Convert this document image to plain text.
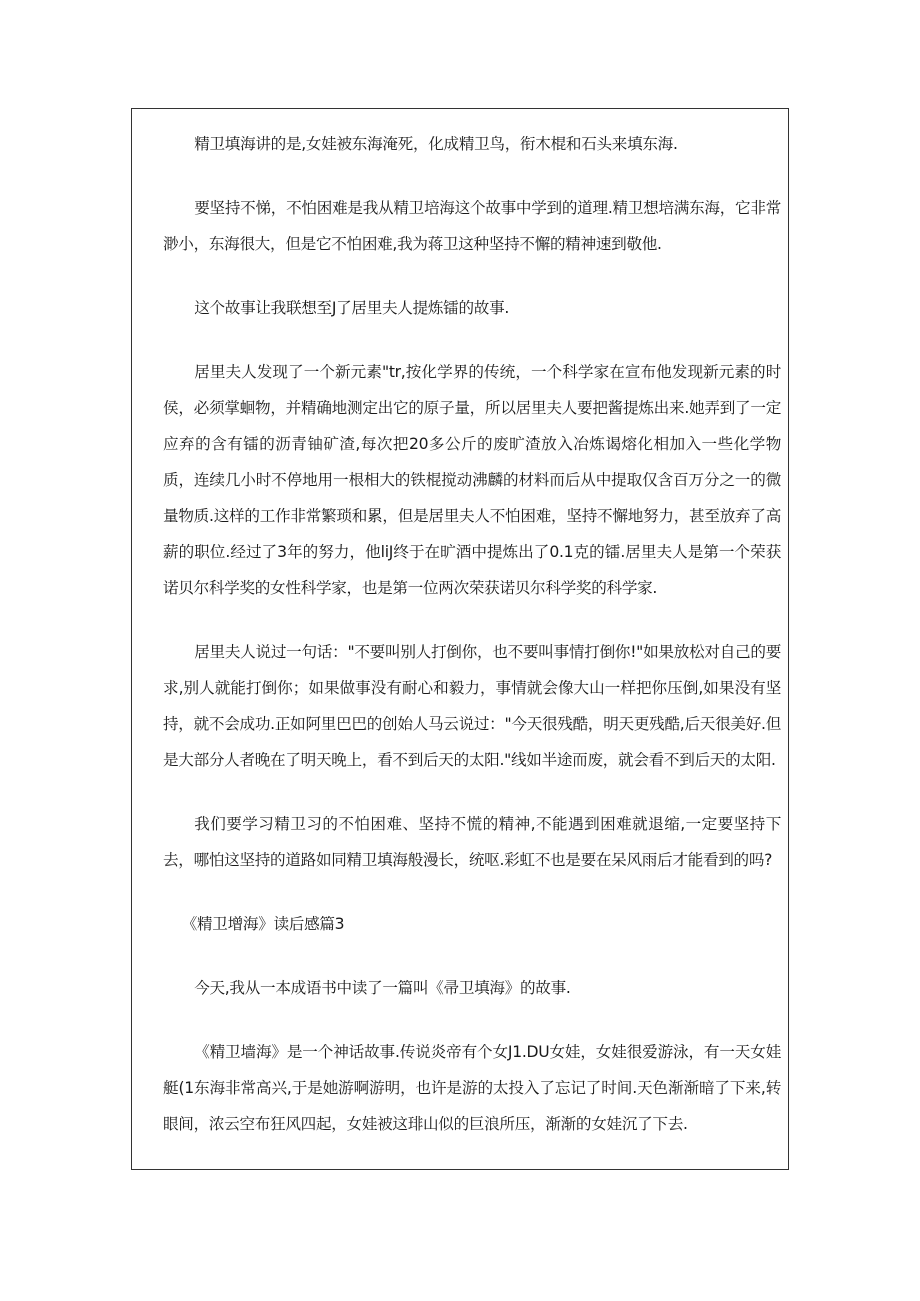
精卫填海讲的是,女娃被东海淹死，化成精卫鸟，衔木棍和石头来填东海.

要坚持不悌，不怕困难是我从精卫培海这个故事中学到的道理.精卫想培满东海，它非常渺小，东海很大，但是它不怕困难,我为蒋卫这种坚持不懈的精神速到敬他.

这个故事让我联想至J了居里夫人提炼镭的故事.

居里夫人发现了一个新元素"tr,按化学界的传统，一个科学家在宣布他发现新元素的时侯，必须掌蛔物，并精确地测定出它的原子量，所以居里夫人要把酱提炼出来.她弄到了一定应弃的含有镭的沥青铀矿渣,每次把20多公斤的废旷渣放入冶炼谒熔化相加入一些化学物质，连续几小时不停地用一根相大的铁棍搅动沸麟的材料而后从中提取仅含百万分之一的微量物质.这样的工作非常繁琐和累，但是居里夫人不怕困难，坚持不懈地努力，甚至放弃了高薪的职位.经过了3年的努力，他liJ终于在旷酒中提炼出了0.1克的镭.居里夫人是第一个荣获诺贝尔科学奖的女性科学家，也是第一位两次荣获诺贝尔科学奖的科学家.

居里夫人说过一句话："不要叫别人打倒你，也不要叫事情打倒你!"如果放松对自己的要求,别人就能打倒你；如果做事没有耐心和毅力，事情就会像大山一样把你压倒,如果没有坚持，就不会成功.正如阿里巴巴的创始人马云说过："今天很残酷，明天更残酷,后天很美好.但是大部分人者晚在了明天晚上，看不到后天的太阳."线如半途而废，就会看不到后天的太阳.

我们要学习精卫习的不怕困难、坚持不慌的精神,不能遇到困难就退缩,一定要坚持下去，哪怕这坚持的道路如同精卫填海般漫长，统呕.彩虹不也是要在呆风雨后才能看到的吗?

《精卫增海》读后感篇3

今天,我从一本成语书中读了一篇叫《帚卫填海》的故事.

《精卫墙海》是一个神话故事.传说炎帝有个女J1.DU女娃，女娃很爱游泳，有一天女娃艇(1东海非常高兴,于是她游啊游明，也许是游的太投入了忘记了时间.天色渐渐暗了下来,转眼间，浓云空布狂风四起，女娃被这琲山似的巨浪所压，渐渐的女娃沉了下去.
